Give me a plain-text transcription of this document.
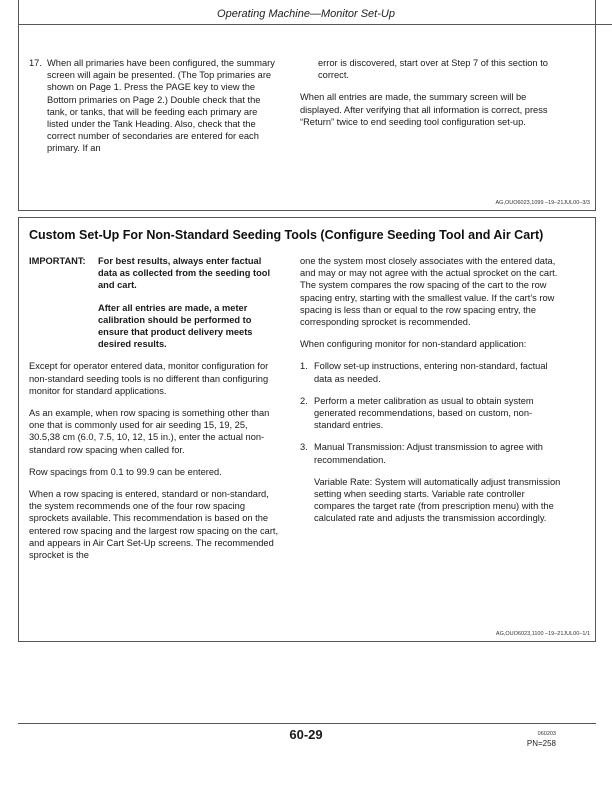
Operating Machine—Monitor Set-Up
17. When all primaries have been configured, the summary screen will again be presented. (The Top primaries are shown on Page 1. Press the PAGE key to view the Bottom primaries on Page 2.) Double check that the tank, or tanks, that will be feeding each primary are listed under the Tank Heading. Also, check that the correct number of secondaries are entered for each primary. If an

error is discovered, start over at Step 7 of this section to correct.

When all entries are made, the summary screen will be displayed. After verifying that all information is correct, press “Return” twice to end seeding tool configuration set-up.

AG,OUO6023,1099 –19–21JUL00–3/3
Custom Set-Up For Non-Standard Seeding Tools (Configure Seeding Tool and Air Cart)
IMPORTANT: For best results, always enter factual data as collected from the seeding tool and cart.

After all entries are made, a meter calibration should be performed to ensure that product delivery meets desired results.

Except for operator entered data, monitor configuration for non-standard seeding tools is no different than configuring monitor for standard applications.

As an example, when row spacing is something other than one that is commonly used for air seeding 15, 19, 25, 30.5,38 cm (6.0, 7.5, 10, 12, 15 in.), enter the actual non-standard row spacing when called for.

Row spacings from 0.1 to 99.9 can be entered.

When a row spacing is entered, standard or non-standard, the system recommends one of the four row spacing sprockets available. This recommendation is based on the entered row spacing and the largest row spacing on the cart, and appears in Air Cart Set-Up screens. The recommended sprocket is the

one the system most closely associates with the entered data, and may or may not agree with the actual sprocket on the cart. The system compares the row spacing of the cart to the row spacing entry, starting with the smallest value. If the cart’s row spacing is less than or equal to the row spacing entry, the corresponding sprocket is recommended.

When configuring monitor for non-standard application:

1. Follow set-up instructions, entering non-standard, factual data as needed.
2. Perform a meter calibration as usual to obtain system generated recommendations, based on custom, non-standard entries.
3. Manual Transmission: Adjust transmission to agree with recommendation.

Variable Rate: System will automatically adjust transmission setting when seeding starts. Variable rate controller compares the target rate (from prescription menu) with the calculated rate and adjusts the transmission accordingly.

AG,OUO6023,1100 –19–21JUL00–1/1
60-29	060203
PN=258
